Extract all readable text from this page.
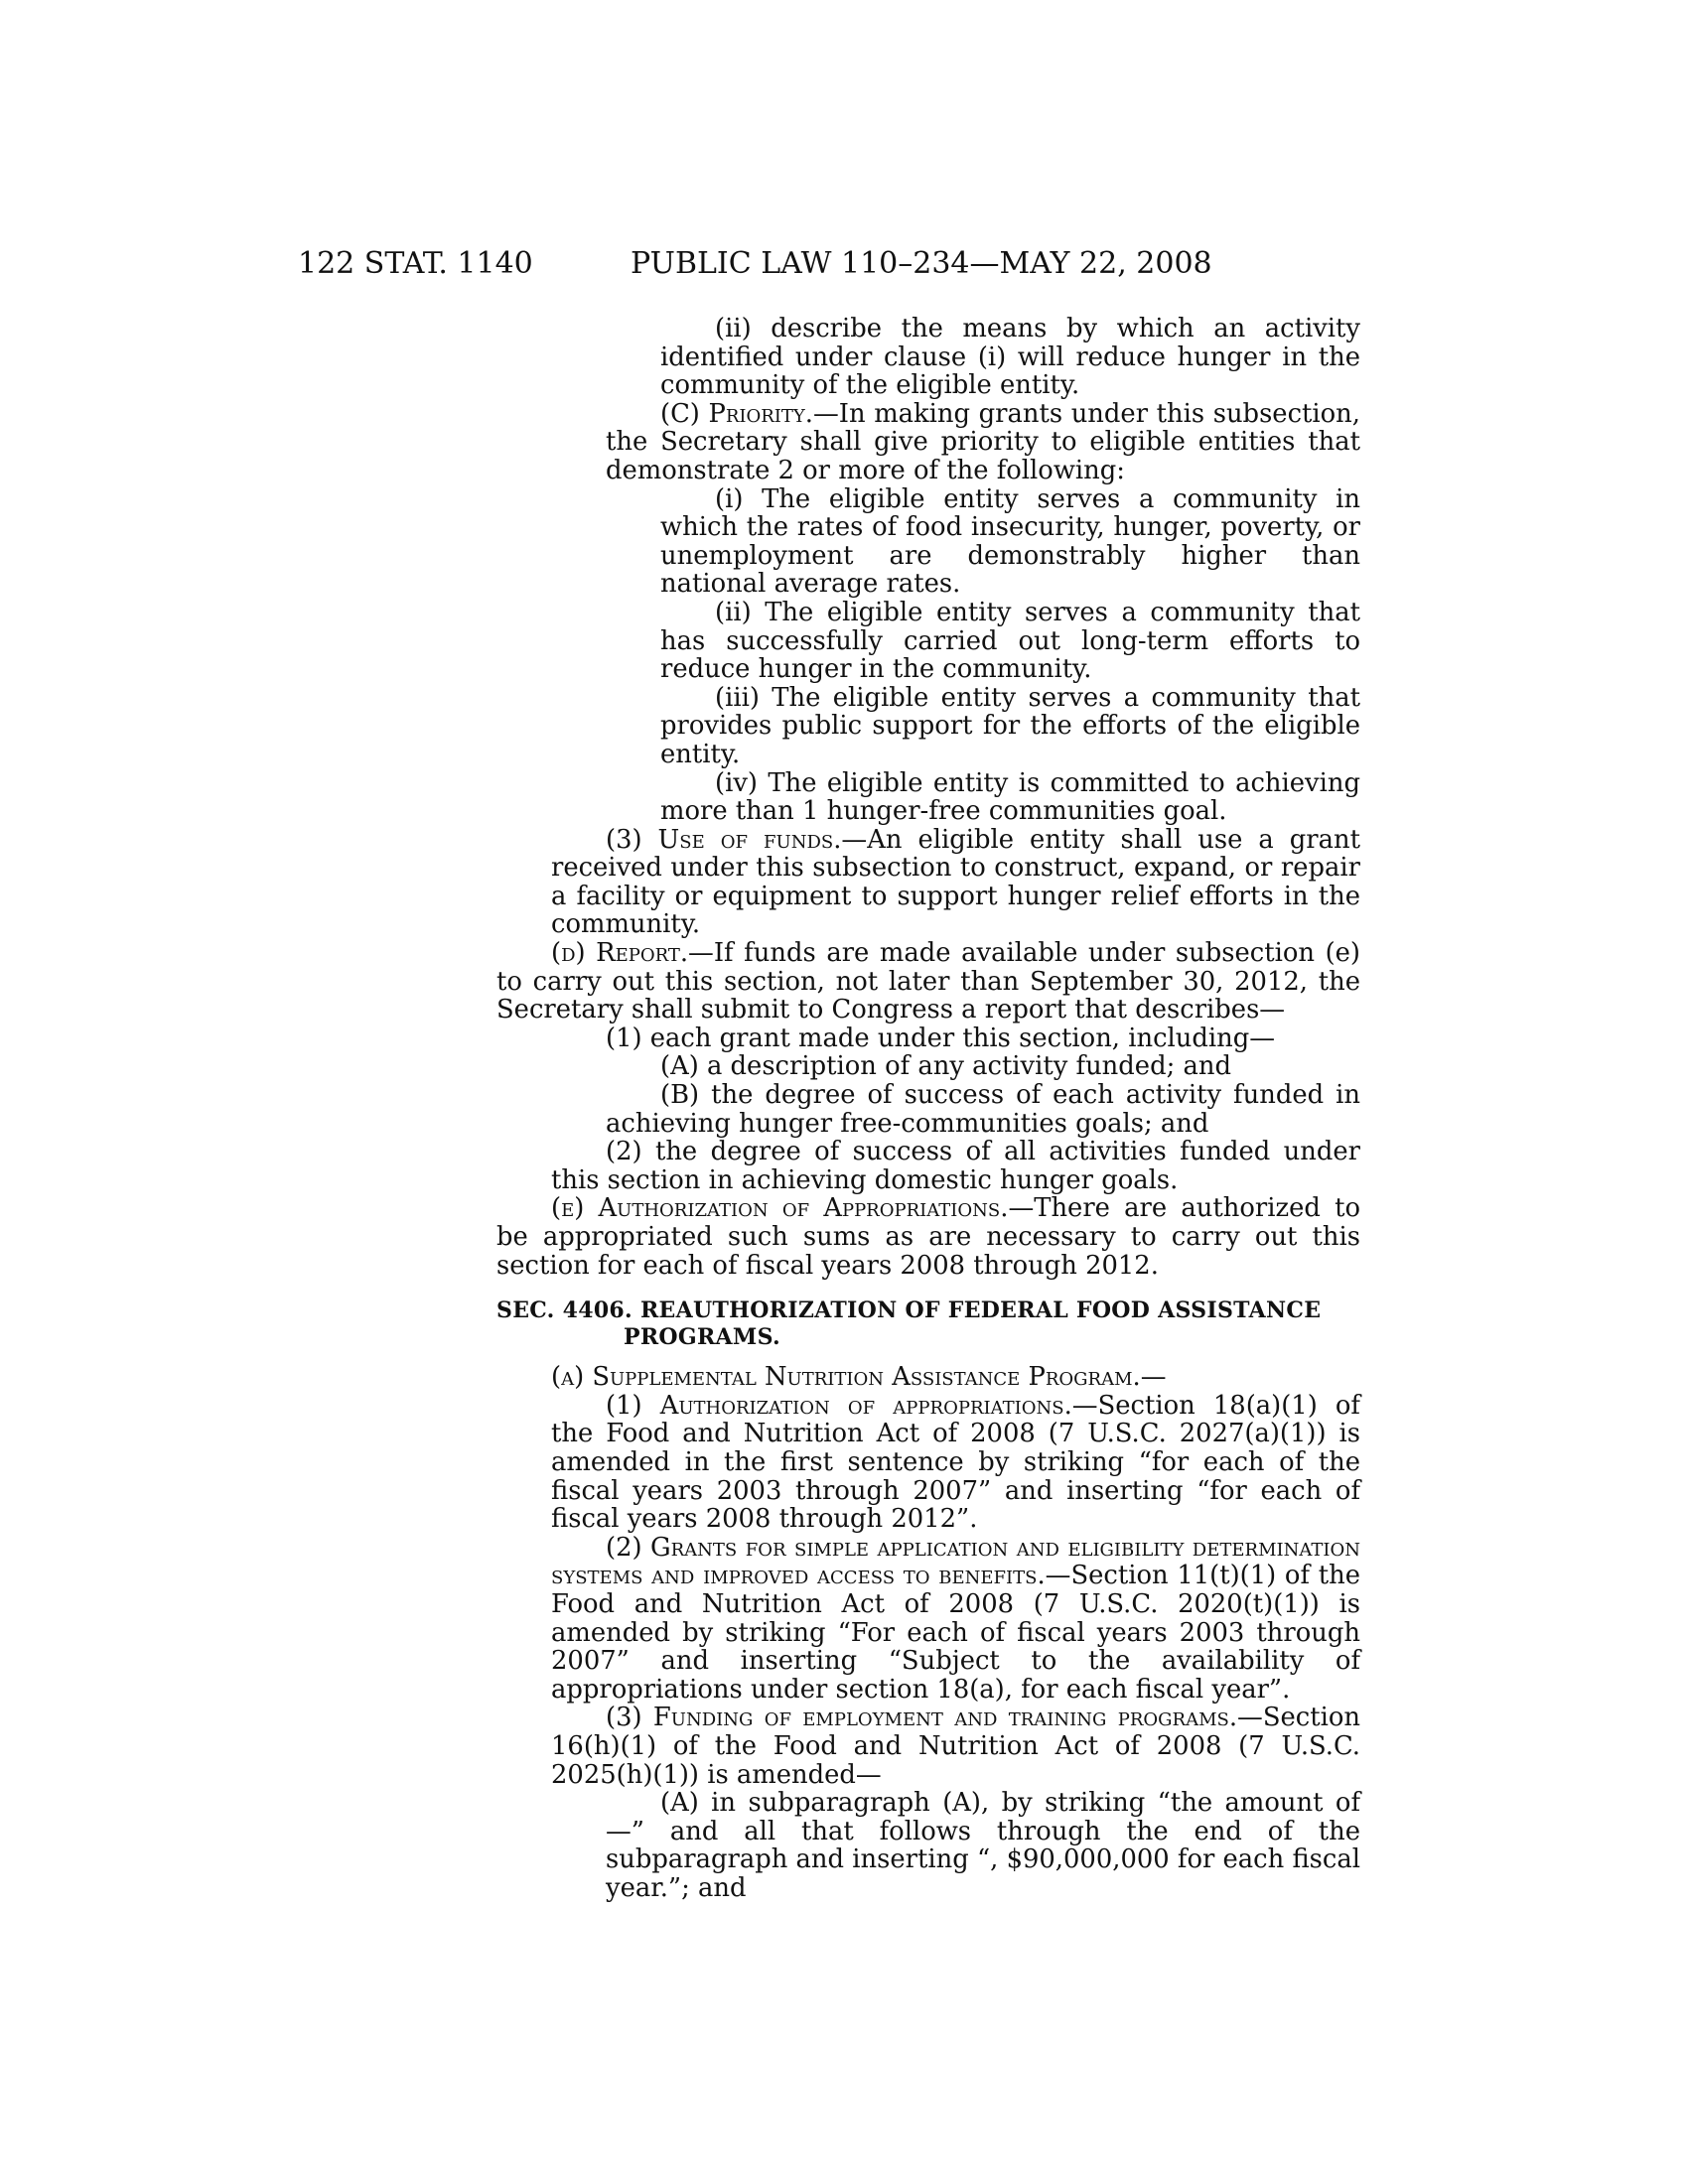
122 STAT. 1140	PUBLIC LAW 110–234—MAY 22, 2008

(ii) describe the means by which an activity identified under clause (i) will reduce hunger in the community of the eligible entity.

(C) Priority.—In making grants under this subsection, the Secretary shall give priority to eligible entities that demonstrate 2 or more of the following:

(i) The eligible entity serves a community in which the rates of food insecurity, hunger, poverty, or unemployment are demonstrably higher than national average rates.

(ii) The eligible entity serves a community that has successfully carried out long-term efforts to reduce hunger in the community.

(iii) The eligible entity serves a community that provides public support for the efforts of the eligible entity.

(iv) The eligible entity is committed to achieving more than 1 hunger-free communities goal.

(3) Use of funds.—An eligible entity shall use a grant received under this subsection to construct, expand, or repair a facility or equipment to support hunger relief efforts in the community.

(d) Report.—If funds are made available under subsection (e) to carry out this section, not later than September 30, 2012, the Secretary shall submit to Congress a report that describes—

(1) each grant made under this section, including—

(A) a description of any activity funded; and

(B) the degree of success of each activity funded in achieving hunger free-communities goals; and

(2) the degree of success of all activities funded under this section in achieving domestic hunger goals.

(e) Authorization of Appropriations.—There are authorized to be appropriated such sums as are necessary to carry out this section for each of fiscal years 2008 through 2012.

SEC. 4406. REAUTHORIZATION OF FEDERAL FOOD ASSISTANCE PROGRAMS.

(a) Supplemental Nutrition Assistance Program.—

(1) Authorization of appropriations.—Section 18(a)(1) of the Food and Nutrition Act of 2008 (7 U.S.C. 2027(a)(1)) is amended in the first sentence by striking “for each of the fiscal years 2003 through 2007” and inserting “for each of fiscal years 2008 through 2012”.

(2) Grants for simple application and eligibility determination systems and improved access to benefits.—Section 11(t)(1) of the Food and Nutrition Act of 2008 (7 U.S.C. 2020(t)(1)) is amended by striking “For each of fiscal years 2003 through 2007” and inserting “Subject to the availability of appropriations under section 18(a), for each fiscal year”.

(3) Funding of employment and training programs.—Section 16(h)(1) of the Food and Nutrition Act of 2008 (7 U.S.C. 2025(h)(1)) is amended—

(A) in subparagraph (A), by striking “the amount of—” and all that follows through the end of the subparagraph and inserting “, $90,000,000 for each fiscal year.”; and
